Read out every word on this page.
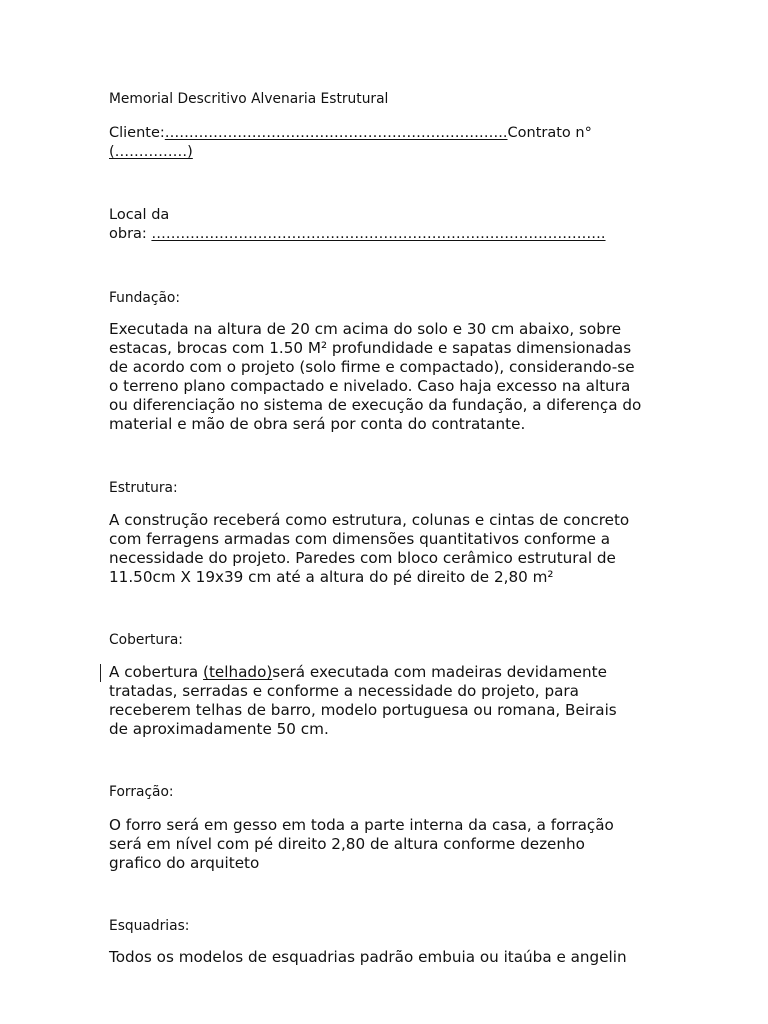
Memorial Descritivo Alvenaria Estrutural
Cliente:……………………………………………………………..Contrato n°
(……………)
Local da
obra: ………………………………………………………………………………….
Fundação:
Executada na altura de 20 cm acima do solo e 30 cm abaixo, sobre
estacas, brocas com 1.50 M² profundidade e sapatas dimensionadas
de acordo com o projeto (solo firme e compactado), considerando-se
o terreno plano compactado e nivelado. Caso haja excesso na altura
ou diferenciação no sistema de execução da fundação, a diferença do
material e mão de obra será por conta do contratante.
Estrutura:
A construção receberá como estrutura, colunas e cintas de concreto
com ferragens armadas com dimensões quantitativos conforme a
necessidade do projeto. Paredes com bloco cerâmico estrutural de
11.50cm X 19x39 cm até a altura do pé direito de 2,80 m²
Cobertura:
A cobertura (telhado)será executada com madeiras devidamente
tratadas, serradas e conforme a necessidade do projeto, para
receberem telhas de barro, modelo portuguesa ou romana, Beirais
de aproximadamente 50 cm.
Forração:
O forro será em gesso em toda a parte interna da casa, a forração
será em nível com pé direito 2,80 de altura conforme dezenho
grafico do arquiteto
Esquadrias:
Todos os modelos de esquadrias padrão embuia ou itaúba e angelin
